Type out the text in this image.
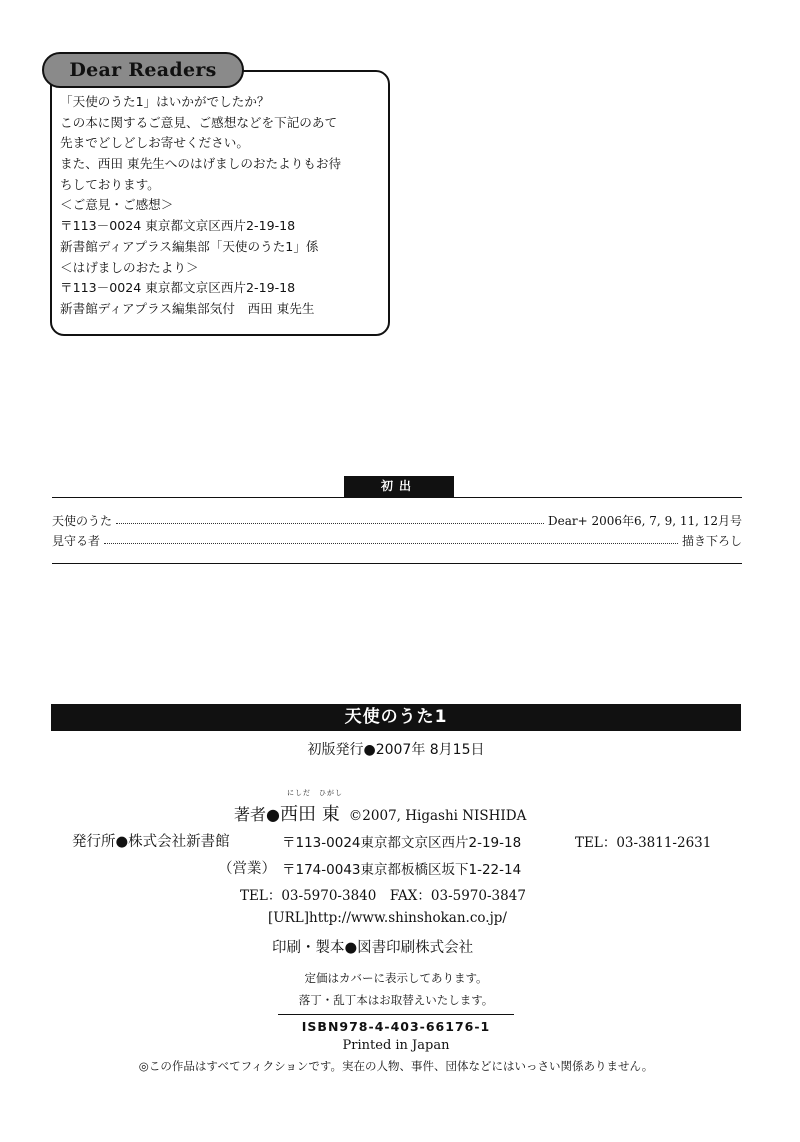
Dear Readers
「天使のうた1」はいかがでしたか？
この本に関するご意見、ご感想などを下記のあて
先までどしどしお寄せください。
また、西田 東先生へのはげましのおたよりもお待
ちしております。
＜ご意見・ご感想＞
〒113－0024 東京都文京区西片2-19-18
新書館ディアプラス編集部「天使のうた1」係
＜はげましのおたより＞
〒113－0024 東京都文京区西片2-19-18
新書館ディアプラス編集部気付　西田 東先生
初出
天使のうた	Dear+ 2006年6, 7, 9, 11, 12月号
見守る者	描き下ろし
天使のうた1
初版発行●2007年 8月15日
にしだ　ひがし
著者●西田 東 ©2007, Higashi NISHIDA
発行所●株式会社新書館	〒113-0024東京都文京区西片2-19-18	TEL：03-3811-2631
（営業） 〒174-0043東京都板橋区坂下1-22-14
TEL：03-5970-3840　FAX：03-5970-3847
[URL]http://www.shinshokan.co.jp/
印刷・製本●図書印刷株式会社
定価はカバーに表示してあります。
落丁・乱丁本はお取替えいたします。
ISBN978-4-403-66176-1
Printed in Japan
◎この作品はすべてフィクションです。実在の人物、事件、団体などにはいっさい関係ありません。
